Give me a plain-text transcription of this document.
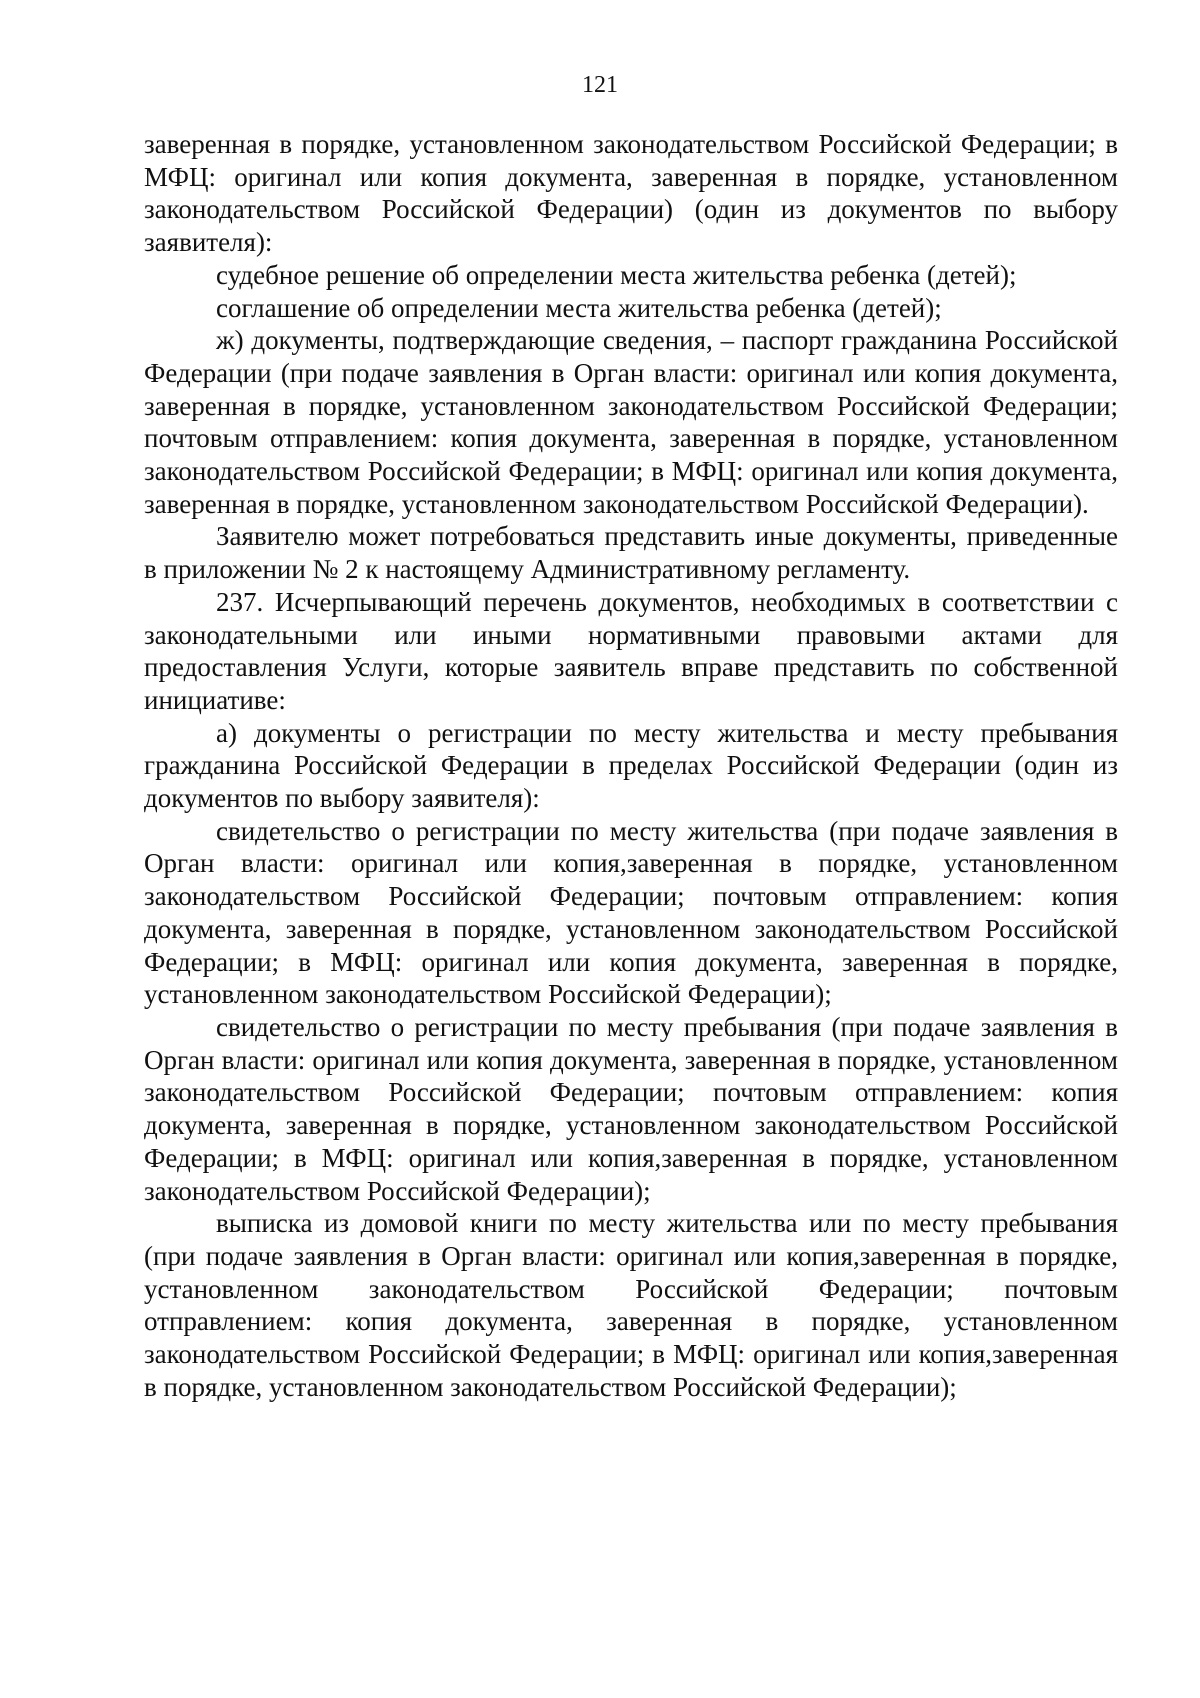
121

заверенная в порядке, установленном законодательством Российской Федерации; в МФЦ: оригинал или копия документа, заверенная в порядке, установленном законодательством Российской Федерации) (один из документов по выбору заявителя):

судебное решение об определении места жительства ребенка (детей);

соглашение об определении места жительства ребенка (детей);

ж) документы, подтверждающие сведения, – паспорт гражданина Российской Федерации (при подаче заявления в Орган власти: оригинал или копия документа, заверенная в порядке, установленном законодательством Российской Федерации; почтовым отправлением: копия документа, заверенная в порядке, установленном законодательством Российской Федерации; в МФЦ: оригинал или копия документа, заверенная в порядке, установленном законодательством Российской Федерации).

Заявителю может потребоваться представить иные документы, приведенные в приложении № 2 к настоящему Административному регламенту.

237. Исчерпывающий перечень документов, необходимых в соответствии с законодательными или иными нормативными правовыми актами для предоставления Услуги, которые заявитель вправе представить по собственной инициативе:

а) документы о регистрации по месту жительства и месту пребывания гражданина Российской Федерации в пределах Российской Федерации (один из документов по выбору заявителя):

свидетельство о регистрации по месту жительства (при подаче заявления в Орган власти: оригинал или копия,заверенная в порядке, установленном законодательством Российской Федерации; почтовым отправлением: копия документа, заверенная в порядке, установленном законодательством Российской Федерации; в МФЦ: оригинал или копия документа, заверенная в порядке, установленном законодательством Российской Федерации);

свидетельство о регистрации по месту пребывания (при подаче заявления в Орган власти: оригинал или копия документа, заверенная в порядке, установленном законодательством Российской Федерации; почтовым отправлением: копия документа, заверенная в порядке, установленном законодательством Российской Федерации; в МФЦ: оригинал или копия,заверенная в порядке, установленном законодательством Российской Федерации);

выписка из домовой книги по месту жительства или по месту пребывания (при подаче заявления в Орган власти: оригинал или копия,заверенная в порядке, установленном законодательством Российской Федерации; почтовым отправлением: копия документа, заверенная в порядке, установленном законодательством Российской Федерации; в МФЦ: оригинал или копия,заверенная в порядке, установленном законодательством Российской Федерации);
